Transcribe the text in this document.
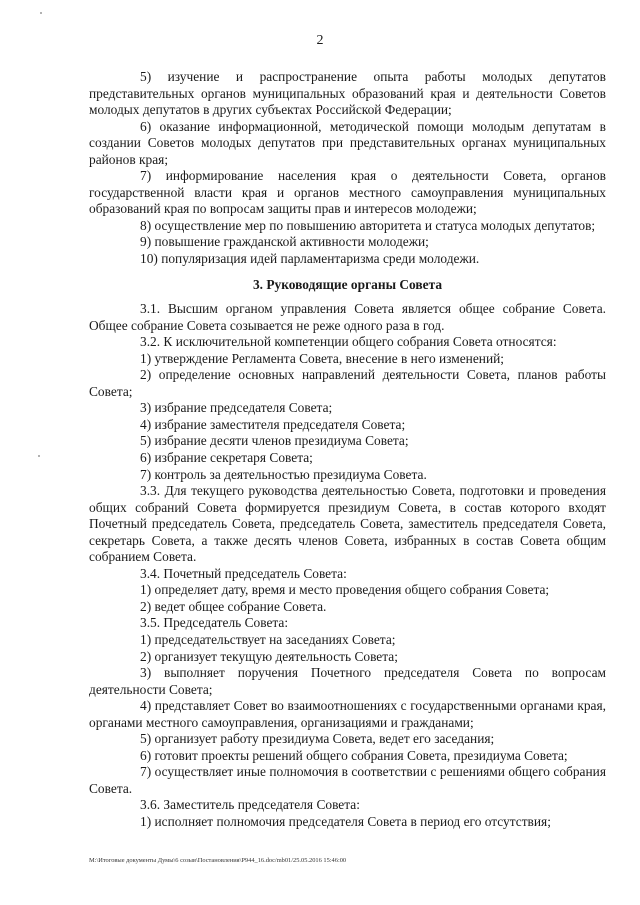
2

5) изучение и распространение опыта работы молодых депутатов представительных органов муниципальных образований края и деятельности Советов молодых депутатов в других субъектах Российской Федерации;

6) оказание информационной, методической помощи молодым депутатам в создании Советов молодых депутатов при представительных органах муниципальных районов края;

7) информирование населения края о деятельности Совета, органов государственной власти края и органов местного самоуправления муниципальных образований края по вопросам защиты прав и интересов молодежи;

8) осуществление мер по повышению авторитета и статуса молодых депутатов;

9) повышение гражданской активности молодежи;

10) популяризация идей парламентаризма среди молодежи.

3. Руководящие органы Совета

3.1. Высшим органом управления Совета является общее собрание Совета. Общее собрание Совета созывается не реже одного раза в год.

3.2. К исключительной компетенции общего собрания Совета относятся:

1) утверждение Регламента Совета, внесение в него изменений;

2) определение основных направлений деятельности Совета, планов работы Совета;

3) избрание председателя Совета;

4) избрание заместителя председателя Совета;

5) избрание десяти членов президиума Совета;

6) избрание секретаря Совета;

7) контроль за деятельностью президиума Совета.

3.3. Для текущего руководства деятельностью Совета, подготовки и проведения общих собраний Совета формируется президиум Совета, в состав которого входят Почетный председатель Совета, председатель Совета, заместитель председателя Совета, секретарь Совета, а также десять членов Совета, избранных в состав Совета общим собранием Совета.

3.4. Почетный председатель Совета:

1) определяет дату, время и место проведения общего собрания Совета;

2) ведет общее собрание Совета.

3.5. Председатель Совета:

1) председательствует на заседаниях Совета;

2) организует текущую деятельность Совета;

3) выполняет поручения Почетного председателя Совета по вопросам деятельности Совета;

4) представляет Совет во взаимоотношениях с государственными органами края, органами местного самоуправления, организациями и гражданами;

5) организует работу президиума Совета, ведет его заседания;

6) готовит проекты решений общего собрания Совета, президиума Совета;

7) осуществляет иные полномочия в соответствии с решениями общего собрания Совета.

3.6. Заместитель председателя Совета:

1) исполняет полномочия председателя Совета в период его отсутствия;

М:\Итоговые документы Думы\6 созыв\Постановления\Р944_16.doc/mb01/25.05.2016 15:46:00
